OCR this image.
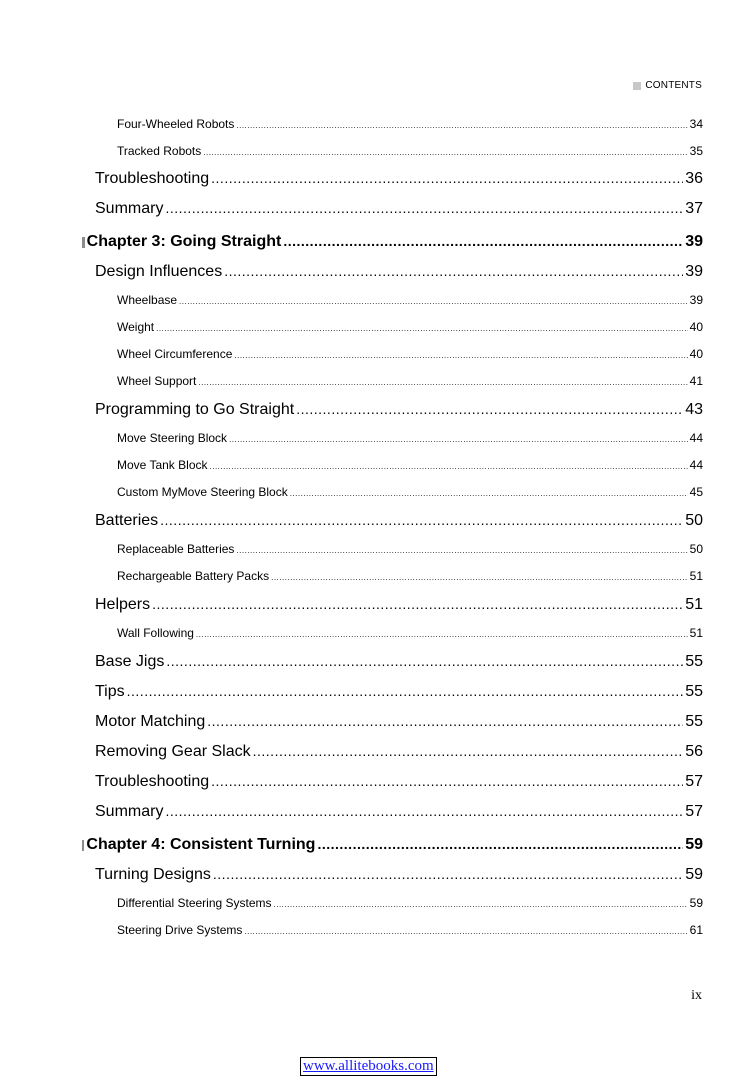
CONTENTS
Four-Wheeled Robots .....	34
Tracked Robots .....	35
Troubleshooting .....	36
Summary .....	37
Chapter 3: Going Straight .....	39
Design Influences .....	39
Wheelbase .....	39
Weight .....	40
Wheel Circumference .....	40
Wheel Support .....	41
Programming to Go Straight .....	43
Move Steering Block .....	44
Move Tank Block .....	44
Custom MyMove Steering Block .....	45
Batteries .....	50
Replaceable Batteries .....	50
Rechargeable Battery Packs .....	51
Helpers .....	51
Wall Following .....	51
Base Jigs .....	55
Tips .....	55
Motor Matching .....	55
Removing Gear Slack .....	56
Troubleshooting .....	57
Summary .....	57
Chapter 4: Consistent Turning .....	59
Turning Designs .....	59
Differential Steering Systems .....	59
Steering Drive Systems .....	61
ix
www.allitebooks.com
